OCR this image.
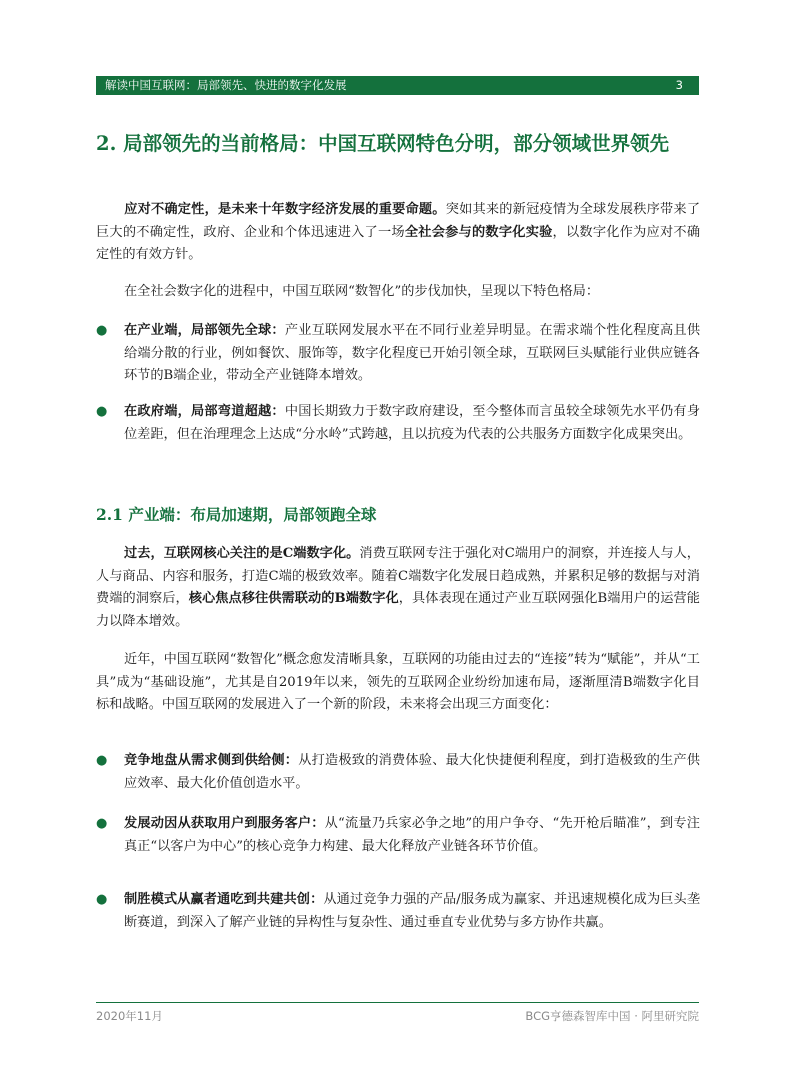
解读中国互联网：局部领先、快进的数字化发展	3
2. 局部领先的当前格局：中国互联网特色分明，部分领域世界领先

应对不确定性，是未来十年数字经济发展的重要命题。突如其来的新冠疫情为全球发展秩序带来了巨大的不确定性，政府、企业和个体迅速进入了一场全社会参与的数字化实验，以数字化作为应对不确定性的有效方针。

在全社会数字化的进程中，中国互联网“数智化”的步伐加快，呈现以下特色格局：

● 在产业端，局部领先全球：产业互联网发展水平在不同行业差异明显。在需求端个性化程度高且供给端分散的行业，例如餐饮、服饰等，数字化程度已开始引领全球，互联网巨头赋能行业供应链各环节的B端企业，带动全产业链降本增效。
● 在政府端，局部弯道超越：中国长期致力于数字政府建设，至今整体而言虽较全球领先水平仍有身位差距，但在治理理念上达成“分水岭”式跨越，且以抗疫为代表的公共服务方面数字化成果突出。
2.1 产业端：布局加速期，局部领跑全球

过去，互联网核心关注的是C端数字化。消费互联网专注于强化对C端用户的洞察，并连接人与人，人与商品、内容和服务，打造C端的极致效率。随着C端数字化发展日趋成熟，并累积足够的数据与对消费端的洞察后，核心焦点移往供需联动的B端数字化，具体表现在通过产业互联网强化B端用户的运营能力以降本增效。

近年，中国互联网“数智化”概念愈发清晰具象，互联网的功能由过去的“连接”转为“赋能”，并从“工具”成为“基础设施”，尤其是自2019年以来，领先的互联网企业纷纷加速布局，逐渐厘清B端数字化目标和战略。中国互联网的发展进入了一个新的阶段，未来将会出现三方面变化：

● 竞争地盘从需求侧到供给侧：从打造极致的消费体验、最大化快捷便利程度，到打造极致的生产供应效率、最大化价值创造水平。
● 发展动因从获取用户到服务客户：从“流量乃兵家必争之地”的用户争夺、“先开枪后瞄准”，到专注真正“以客户为中心”的核心竞争力构建、最大化释放产业链各环节价值。
● 制胜模式从赢者通吃到共建共创：从通过竞争力强的产品/服务成为赢家、并迅速规模化成为巨头垄断赛道，到深入了解产业链的异构性与复杂性、通过垂直专业优势与多方协作共赢。
2020年11月	BCG亨德森智库中国 · 阿里研究院
